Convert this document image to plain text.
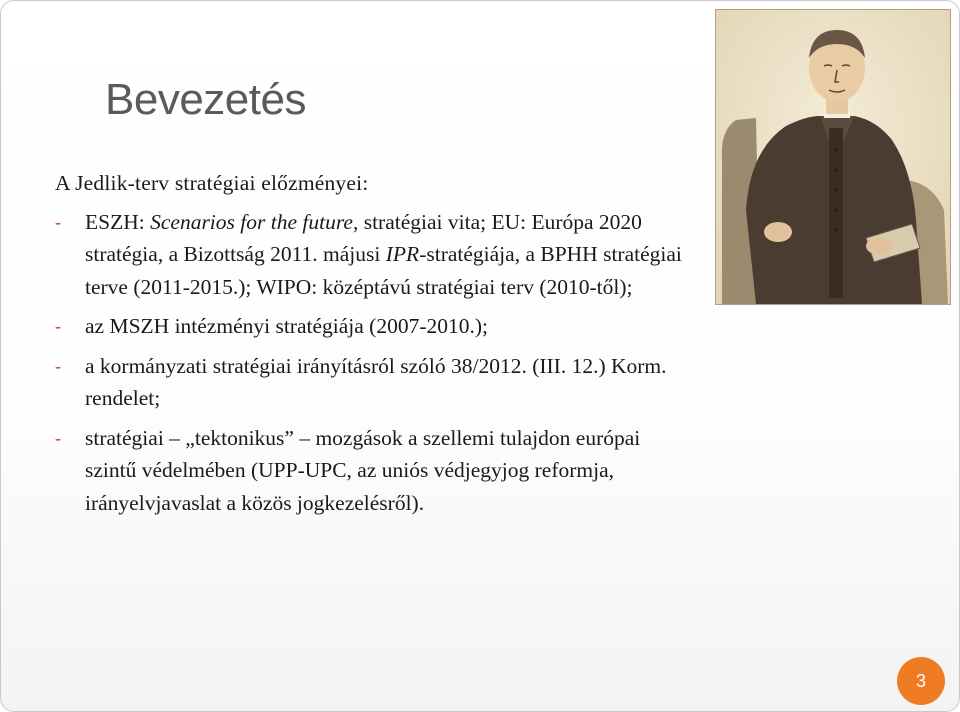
Bevezetés

A Jedlik-terv stratégiai előzményei:

- ESZH: Scenarios for the future, stratégiai vita; EU: Európa 2020 stratégia, a Bizottság 2011. májusi IPR-stratégiája, a BPHH stratégiai terve (2011-2015.); WIPO: középtávú stratégiai terv (2010-től);
- az MSZH intézményi stratégiája (2007-2010.);
- a kormányzati stratégiai irányításról szóló 38/2012. (III. 12.) Korm. rendelet;
- stratégiai – „tektonikus” – mozgások a szellemi tulajdon európai szintű védelmében (UPP-UPC, az uniós védjegyjog reformja, irányelvjavaslat a közös jogkezelésről).
3
